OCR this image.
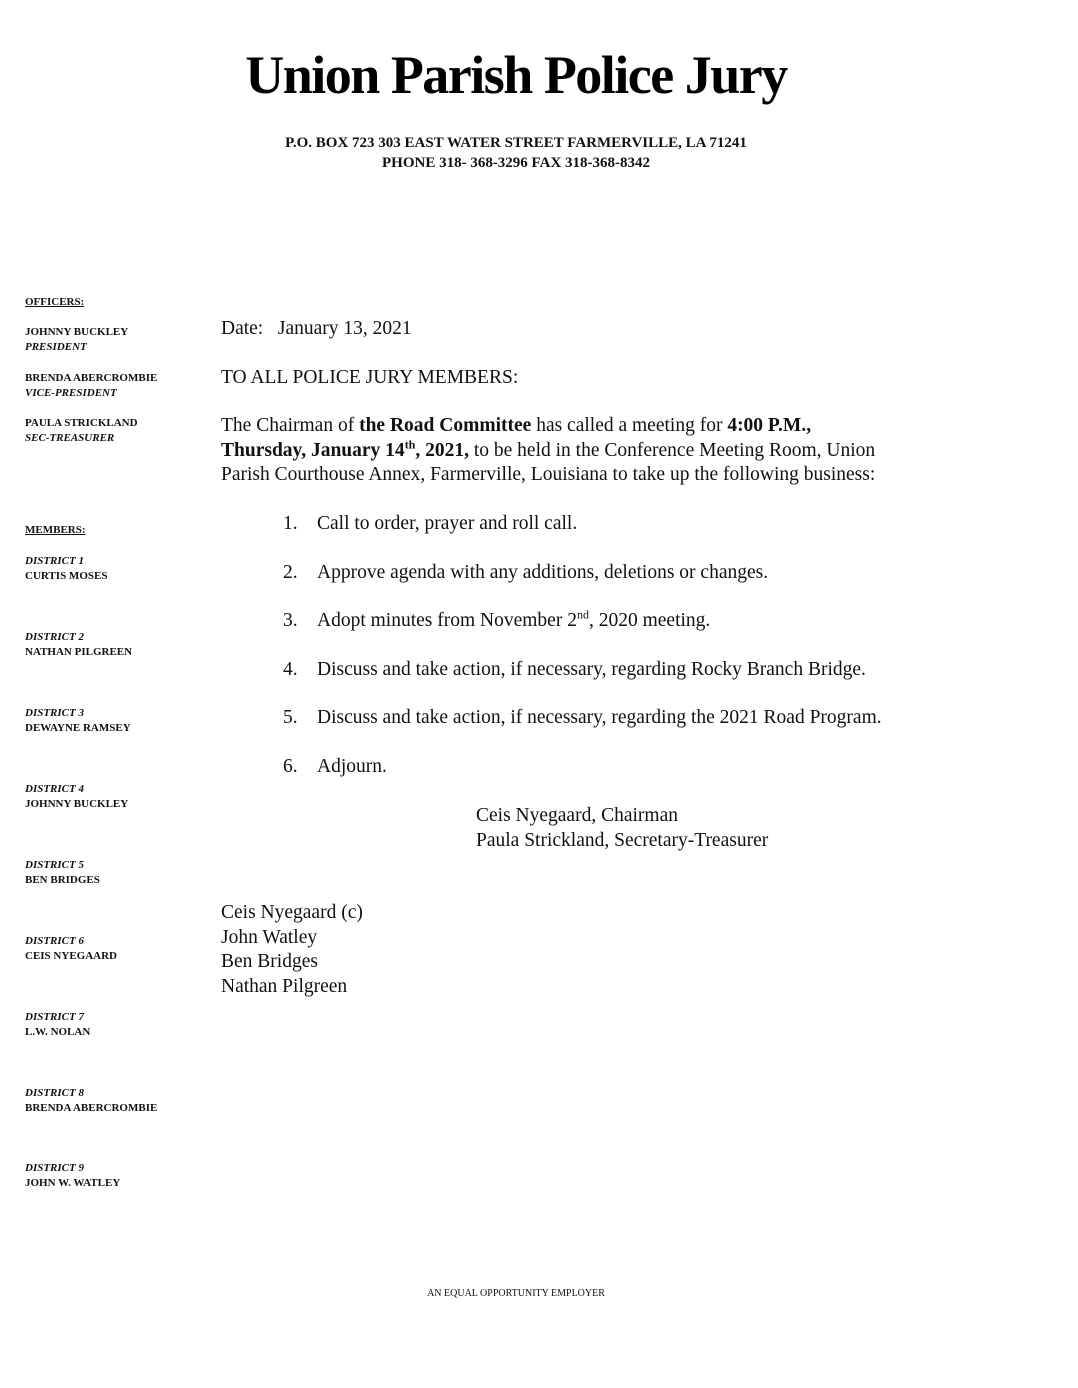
Union Parish Police Jury
P.O. BOX 723 303 EAST WATER STREET FARMERVILLE, LA 71241
PHONE 318- 368-3296 FAX 318-368-8342
OFFICERS:
JOHNNY BUCKLEY
PRESIDENT
BRENDA ABERCROMBIE
VICE-PRESIDENT
PAULA STRICKLAND
SEC-TREASURER
MEMBERS:
DISTRICT 1
CURTIS MOSES
DISTRICT 2
NATHAN PILGREEN
DISTRICT 3
DEWAYNE RAMSEY
DISTRICT 4
JOHNNY BUCKLEY
DISTRICT 5
BEN BRIDGES
DISTRICT 6
CEIS NYEGAARD
DISTRICT 7
L.W. NOLAN
DISTRICT 8
BRENDA ABERCROMBIE
DISTRICT 9
JOHN W. WATLEY
Date: January 13, 2021
TO ALL POLICE JURY MEMBERS:
The Chairman of the Road Committee has called a meeting for 4:00 P.M.,
Thursday, January 14th, 2021, to be held in the Conference Meeting Room, Union
Parish Courthouse Annex, Farmerville, Louisiana to take up the following business:
1. Call to order, prayer and roll call.
2. Approve agenda with any additions, deletions or changes.
3. Adopt minutes from November 2nd, 2020 meeting.
4. Discuss and take action, if necessary, regarding Rocky Branch Bridge.
5. Discuss and take action, if necessary, regarding the 2021 Road Program.
6. Adjourn.
Ceis Nyegaard, Chairman
Paula Strickland, Secretary-Treasurer
Ceis Nyegaard (c)
John Watley
Ben Bridges
Nathan Pilgreen
AN EQUAL OPPORTUNITY EMPLOYER
